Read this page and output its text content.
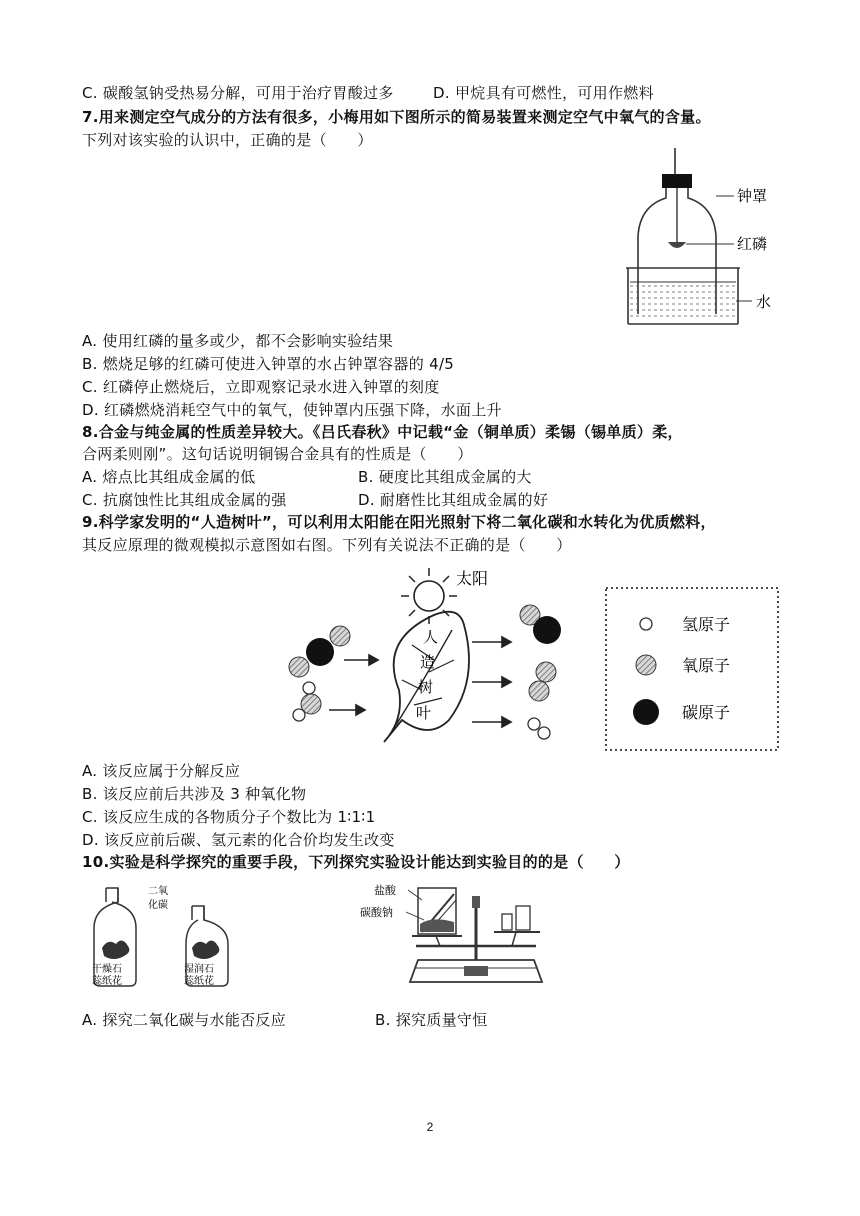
C. 碳酸氢钠受热易分解，可用于治疗胃酸过多	D. 甲烷具有可燃性，可用作燃料
7.用来测定空气成分的方法有很多，小梅用如下图所示的简易装置来测定空气中氧气的含量。
下列对该实验的认识中，正确的是（　　）
钟罩
红磷
水
A. 使用红磷的量多或少，都不会影响实验结果
B. 燃烧足够的红磷可使进入钟罩的水占钟罩容器的 4/5
C. 红磷停止燃烧后，立即观察记录水进入钟罩的刻度
D. 红磷燃烧消耗空气中的氧气，使钟罩内压强下降，水面上升
8.合金与纯金属的性质差异较大。《吕氏春秋》中记载“金（铜单质）柔锡（锡单质）柔，
合两柔则刚”。这句话说明铜锡合金具有的性质是（　　）
A. 熔点比其组成金属的低	B. 硬度比其组成金属的大
C. 抗腐蚀性比其组成金属的强	D. 耐磨性比其组成金属的好
9.科学家发明的“人造树叶”，可以利用太阳能在阳光照射下将二氧化碳和水转化为优质燃料，
其反应原理的微观模拟示意图如右图。下列有关说法不正确的是（　　）
太阳
人
造
树
叶
氢原子
氧原子
碳原子
A. 该反应属于分解反应
B. 该反应前后共涉及 3 种氧化物
C. 该反应生成的各物质分子个数比为 1∶1∶1
D. 该反应前后碳、氢元素的化合价均发生改变
10.实验是科学探究的重要手段，下列探究实验设计能达到实验目的的是（　　）
二氧
化碳
干燥石
蕊纸花
湿润石
蕊纸花
盐酸
碳酸钠
A. 探究二氧化碳与水能否反应	B. 探究质量守恒
2
